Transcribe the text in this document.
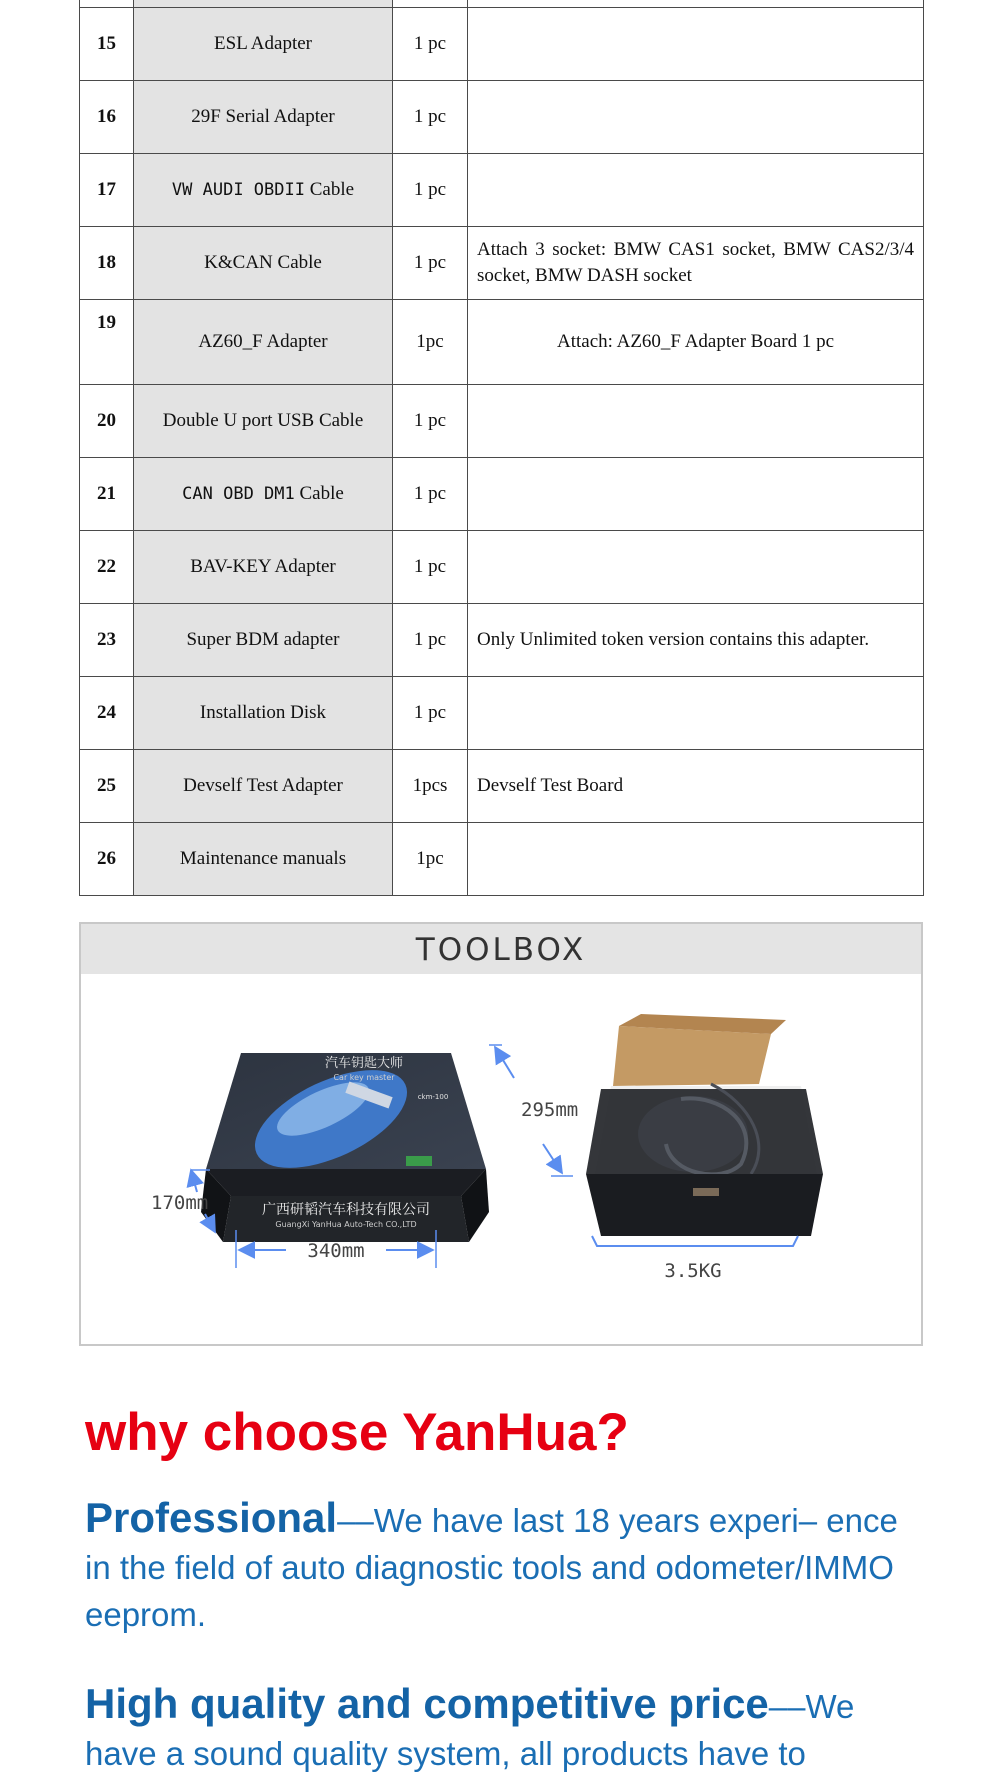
15	ESL Adapter	1 pc	
16	29F Serial Adapter	1 pc	
17	VW AUDI OBDII Cable	1 pc	
18	K&CAN Cable	1 pc	Attach 3 socket: BMW CAS1 socket, BMW CAS2/3/4 socket, BMW DASH socket
19	AZ60_F Adapter	1pc	Attach: AZ60_F Adapter Board 1 pc
20	Double U port USB Cable	1 pc	
21	CAN OBD DM1 Cable	1 pc	
22	BAV-KEY Adapter	1 pc	
23	Super BDM adapter	1 pc	Only Unlimited token version contains this adapter.
24	Installation Disk	1 pc	
25	Devself Test Adapter	1pcs	Devself Test Board
26	Maintenance manuals	1pc	
TOOLBOX
汽车钥匙大师
Car key master
ckm-100
广西研韬汽车科技有限公司
GuangXi YanHua Auto-Tech CO.,LTD
295mm
170mm
340mm
3.5KG
why choose YanHua?

Professional––We have last 18 years experi– ence in the field of auto diagnostic tools and odometer/IMMO eeprom.

High quality and competitive price––We have a sound quality system, all products have to
